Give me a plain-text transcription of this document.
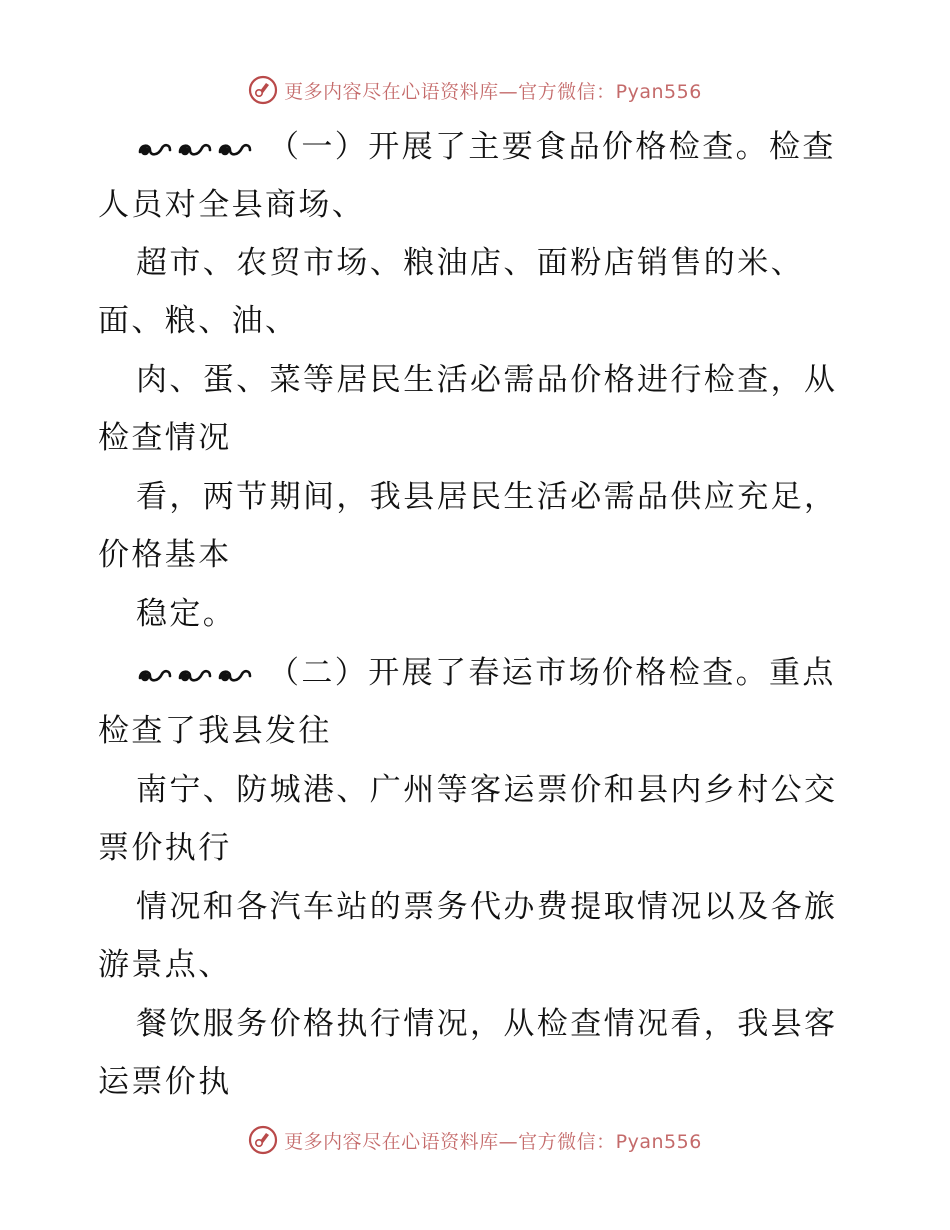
更多内容尽在心语资料库—官方微信：Pyan556
（一）开展了主要食品价格检查。检查
人员对全县商场、
超市、农贸市场、粮油店、面粉店销售的米、
面、粮、油、
肉、蛋、菜等居民生活必需品价格进行检查，从
检查情况
看，两节期间，我县居民生活必需品供应充足，
价格基本
稳定。
（二）开展了春运市场价格检查。重点
检查了我县发往
南宁、防城港、广州等客运票价和县内乡村公交
票价执行
情况和各汽车站的票务代办费提取情况以及各旅
游景点、
餐饮服务价格执行情况，从检查情况看，我县客
运票价执
更多内容尽在心语资料库—官方微信：Pyan556
